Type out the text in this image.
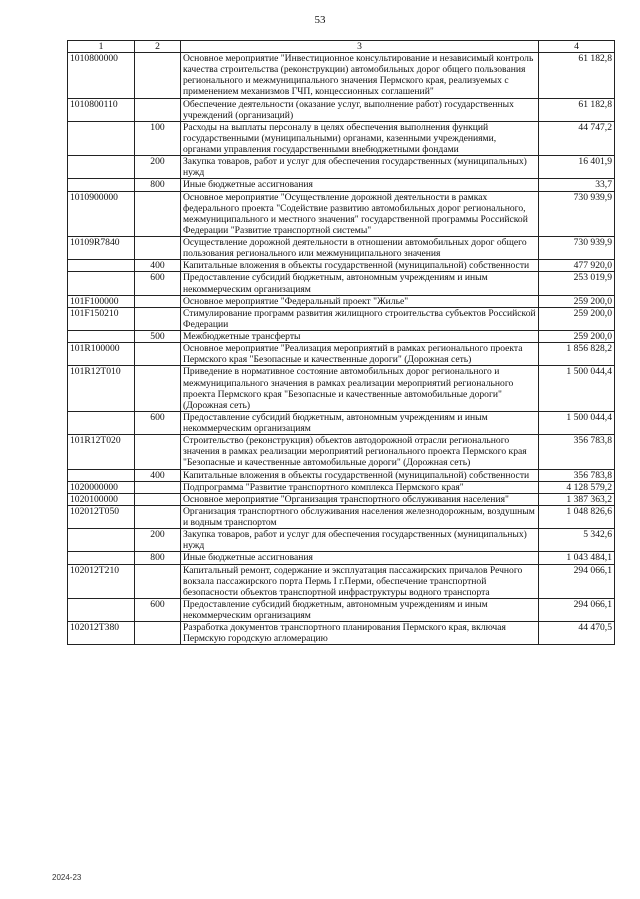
53
1	2	3	4
1010800000		Основное мероприятие "Инвестиционное консультирование и независимый контроль качества строительства (реконструкции) автомобильных дорог общего пользования регионального и межмуниципального значения Пермского края, реализуемых с применением механизмов ГЧП, концессионных соглашений"	61 182,8
1010800110		Обеспечение деятельности (оказание услуг, выполнение работ) государственных учреждений (организаций)	61 182,8
	100	Расходы на выплаты персоналу в целях обеспечения выполнения функций государственными (муниципальными) органами, казенными учреждениями, органами управления государственными внебюджетными фондами	44 747,2
	200	Закупка товаров, работ и услуг для обеспечения государственных (муниципальных) нужд	16 401,9
	800	Иные бюджетные ассигнования	33,7
1010900000		Основное мероприятие "Осуществление дорожной деятельности в рамках федерального проекта "Содействие развитию автомобильных дорог регионального, межмуниципального и местного значения" государственной программы Российской Федерации "Развитие транспортной системы"	730 939,9
10109R7840		Осуществление дорожной деятельности в отношении автомобильных дорог общего пользования регионального или межмуниципального значения	730 939,9
	400	Капитальные вложения в объекты государственной (муниципальной) собственности	477 920,0
	600	Предоставление субсидий бюджетным, автономным учреждениям и иным некоммерческим организациям	253 019,9
101F100000		Основное мероприятие "Федеральный проект "Жилье"	259 200,0
101F150210		Стимулирование программ развития жилищного строительства субъектов Российской Федерации	259 200,0
	500	Межбюджетные трансферты	259 200,0
101R100000		Основное мероприятие "Реализация мероприятий в рамках регионального проекта Пермского края "Безопасные и качественные дороги" (Дорожная сеть)	1 856 828,2
101R12T010		Приведение в нормативное состояние автомобильных дорог регионального и межмуниципального значения в рамках реализации мероприятий регионального проекта Пермского края "Безопасные и качественные автомобильные дороги" (Дорожная сеть)	1 500 044,4
	600	Предоставление субсидий бюджетным, автономным учреждениям и иным некоммерческим организациям	1 500 044,4
101R12T020		Строительство (реконструкция) объектов автодорожной отрасли регионального значения в рамках реализации мероприятий регионального проекта Пермского края "Безопасные и качественные автомобильные дороги" (Дорожная сеть)	356 783,8
	400	Капитальные вложения в объекты государственной (муниципальной) собственности	356 783,8
1020000000		Подпрограмма "Развитие транспортного комплекса Пермского края"	4 128 579,2
1020100000		Основное мероприятие "Организация транспортного обслуживания населения"	1 387 363,2
102012T050		Организация транспортного обслуживания населения железнодорожным, воздушным и водным транспортом	1 048 826,6
	200	Закупка товаров, работ и услуг для обеспечения государственных (муниципальных) нужд	5 342,6
	800	Иные бюджетные ассигнования	1 043 484,1
102012T210		Капитальный ремонт, содержание и эксплуатация пассажирских причалов Речного вокзала пассажирского порта Пермь I г.Перми, обеспечение транспортной безопасности объектов транспортной инфраструктуры водного транспорта	294 066,1
	600	Предоставление субсидий бюджетным, автономным учреждениям и иным некоммерческим организациям	294 066,1
102012T380		Разработка документов транспортного планирования Пермского края, включая Пермскую городскую агломерацию	44 470,5
2024-23
